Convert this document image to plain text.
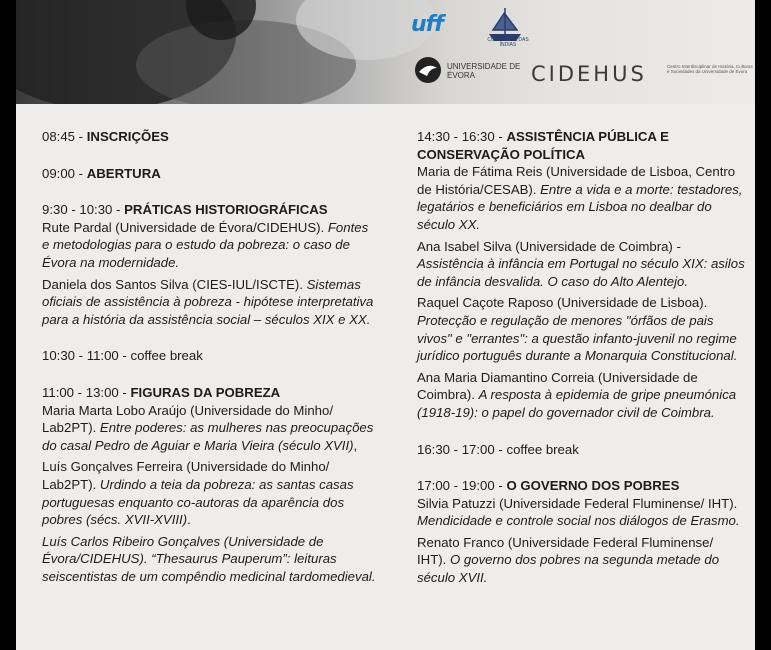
uff
COMPANHIA DAS ÍNDIAS
UNIVERSIDADE DE ÉVORA	CIDEHUS	Centro Interdisciplinar de História, Culturas e Sociedades da Universidade de Évora
08:45 - INSCRIÇÕES
09:00 - ABERTURA
9:30 - 10:30 - PRÁTICAS HISTORIOGRÁFICAS
Rute Pardal (Universidade de Évora/CIDEHUS). Fontes e metodologias para o estudo da pobreza: o caso de Évora na modernidade.
Daniela dos Santos Silva (CIES-IUL/ISCTE). Sistemas oficiais de assistência à pobreza - hipótese interpretativa para a história da assistência social – séculos XIX e XX.
10:30 - 11:00 - coffee break
11:00 - 13:00 - FIGURAS DA POBREZA
Maria Marta Lobo Araújo (Universidade do Minho/ Lab2PT). Entre poderes: as mulheres nas preocupações do casal Pedro de Aguiar e Maria Vieira (século XVII),
Luís Gonçalves Ferreira (Universidade do Minho/ Lab2PT). Urdindo a teia da pobreza: as santas casas portuguesas enquanto co-autoras da aparência dos pobres (sécs. XVII-XVIII).
Luís Carlos Ribeiro Gonçalves (Universidade de Évora/CIDEHUS). “Thesaurus Pauperum”: leituras seiscentistas de um compêndio medicinal tardomedieval.
14:30 - 16:30 - ASSISTÊNCIA PÚBLICA E CONSERVAÇÃO POLÍTICA
Maria de Fátima Reis (Universidade de Lisboa, Centro de História/CESAB). Entre a vida e a morte: testadores, legatários e beneficiários em Lisboa no dealbar do século XX.
Ana Isabel Silva (Universidade de Coimbra) - Assistência à infância em Portugal no século XIX: asilos de infância desvalida. O caso do Alto Alentejo.
Raquel Caçote Raposo (Universidade de Lisboa). Protecção e regulação de menores "órfãos de pais vivos" e "errantes": a questão infanto-juvenil no regime jurídico português durante a Monarquia Constitucional.
Ana Maria Diamantino Correia (Universidade de Coimbra). A resposta à epidemia de gripe pneumónica (1918-19): o papel do governador civil de Coimbra.
16:30 - 17:00 - coffee break
17:00 - 19:00 - O GOVERNO DOS POBRES
Silvia Patuzzi (Universidade Federal Fluminense/ IHT). Mendicidade e controle social nos diálogos de Erasmo.
Renato Franco (Universidade Federal Fluminense/ IHT). O governo dos pobres na segunda metade do século XVII.
